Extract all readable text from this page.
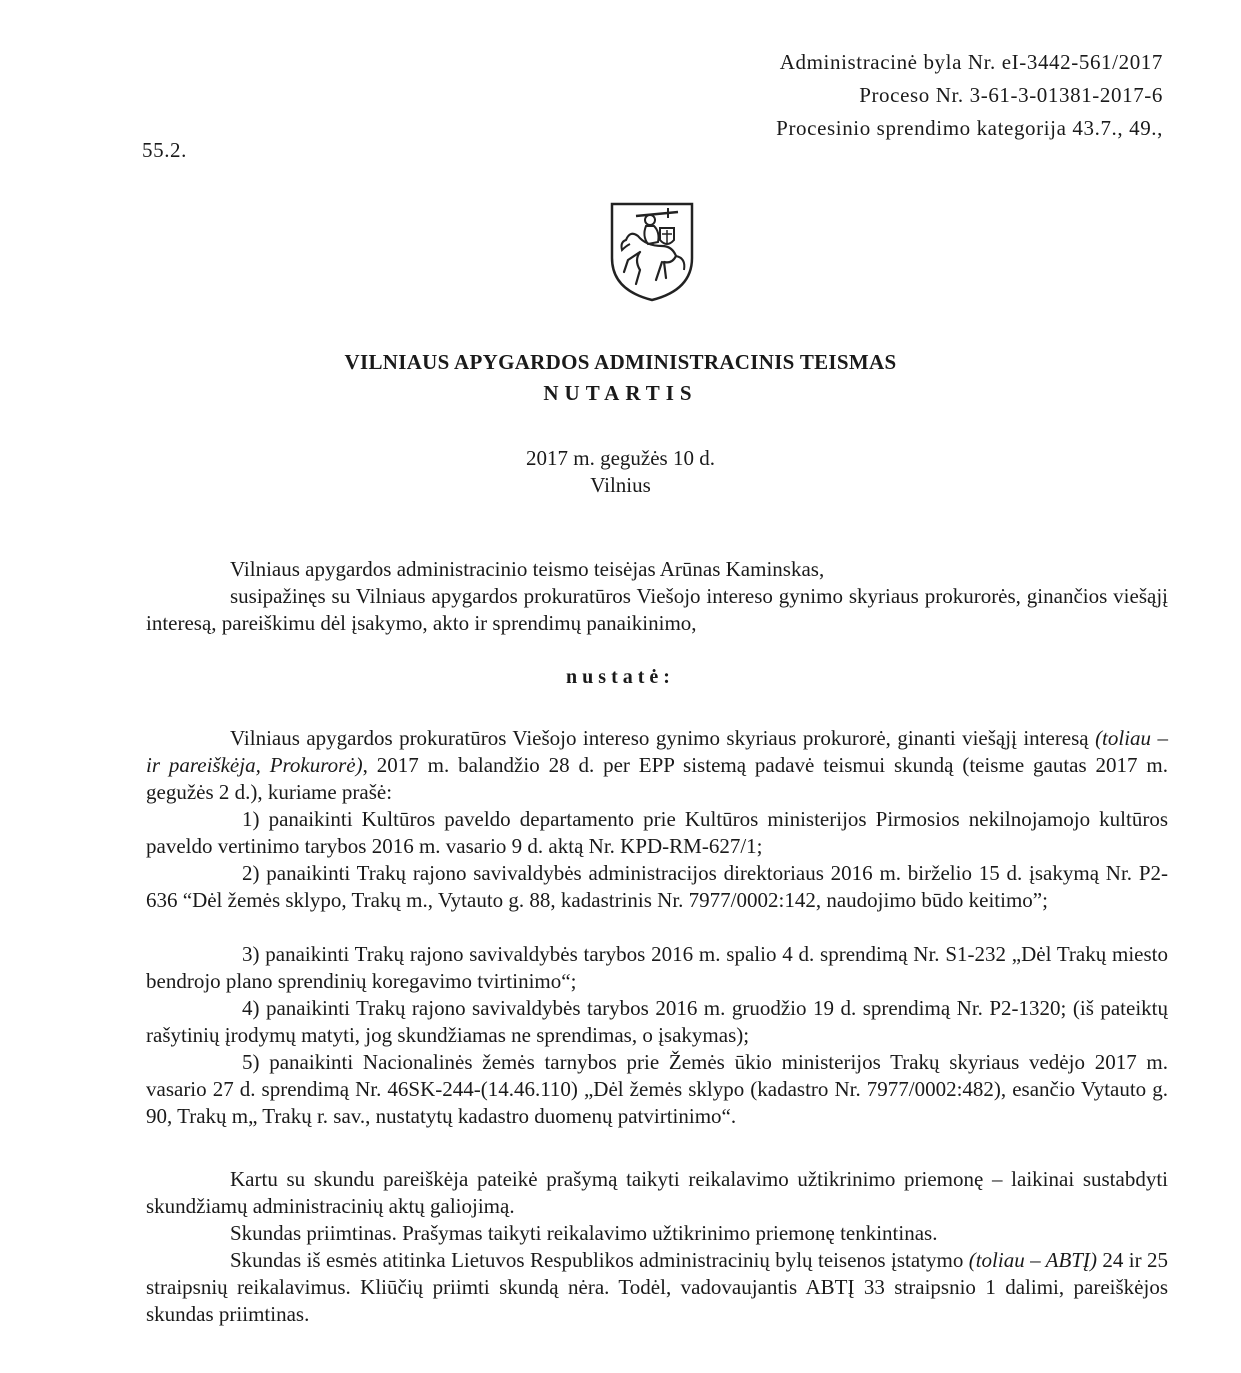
Administracinė byla Nr. eI-3442-561/2017
Proceso Nr. 3-61-3-01381-2017-6
Procesinio sprendimo kategorija 43.7., 49.,
55.2.
VILNIAUS APYGARDOS ADMINISTRACINIS TEISMAS
NUTARTIS
2017 m. gegužės 10 d.
Vilnius
Vilniaus apygardos administracinio teismo teisėjas Arūnas Kaminskas,
susipažinęs su Vilniaus apygardos prokuratūros Viešojo intereso gynimo skyriaus prokurorės, ginančios viešąjį interesą, pareiškimu dėl įsakymo, akto ir sprendimų panaikinimo,
nustatė:
Vilniaus apygardos prokuratūros Viešojo intereso gynimo skyriaus prokurorė, ginanti viešąjį interesą (toliau – ir pareiškėja, Prokurorė), 2017 m. balandžio 28 d. per EPP sistemą padavė teismui skundą (teisme gautas 2017 m. gegužės 2 d.), kuriame prašė:
1) panaikinti Kultūros paveldo departamento prie Kultūros ministerijos Pirmosios nekilnojamojo kultūros paveldo vertinimo tarybos 2016 m. vasario 9 d. aktą Nr. KPD-RM-627/1;
2) panaikinti Trakų rajono savivaldybės administracijos direktoriaus 2016 m. birželio 15 d. įsakymą Nr. P2-636 “Dėl žemės sklypo, Trakų m., Vytauto g. 88, kadastrinis Nr. 7977/0002:142, naudojimo būdo keitimo”;
3) panaikinti Trakų rajono savivaldybės tarybos 2016 m. spalio 4 d. sprendimą Nr. S1-232 „Dėl Trakų miesto bendrojo plano sprendinių koregavimo tvirtinimo“;
4) panaikinti Trakų rajono savivaldybės tarybos 2016 m. gruodžio 19 d. sprendimą Nr. P2-1320; (iš pateiktų rašytinių įrodymų matyti, jog skundžiamas ne sprendimas, o įsakymas);
5) panaikinti Nacionalinės žemės tarnybos prie Žemės ūkio ministerijos Trakų skyriaus vedėjo 2017 m. vasario 27 d. sprendimą Nr. 46SK-244-(14.46.110) „Dėl žemės sklypo (kadastro Nr. 7977/0002:482), esančio Vytauto g. 90, Trakų m„ Trakų r. sav., nustatytų kadastro duomenų patvirtinimo“.
Kartu su skundu pareiškėja pateikė prašymą taikyti reikalavimo užtikrinimo priemonę – laikinai sustabdyti skundžiamų administracinių aktų galiojimą.
Skundas priimtinas. Prašymas taikyti reikalavimo užtikrinimo priemonę tenkintinas.
Skundas iš esmės atitinka Lietuvos Respublikos administracinių bylų teisenos įstatymo (toliau – ABTĮ) 24 ir 25 straipsnių reikalavimus. Kliūčių priimti skundą nėra. Todėl, vadovaujantis ABTĮ 33 straipsnio 1 dalimi, pareiškėjos skundas priimtinas.
